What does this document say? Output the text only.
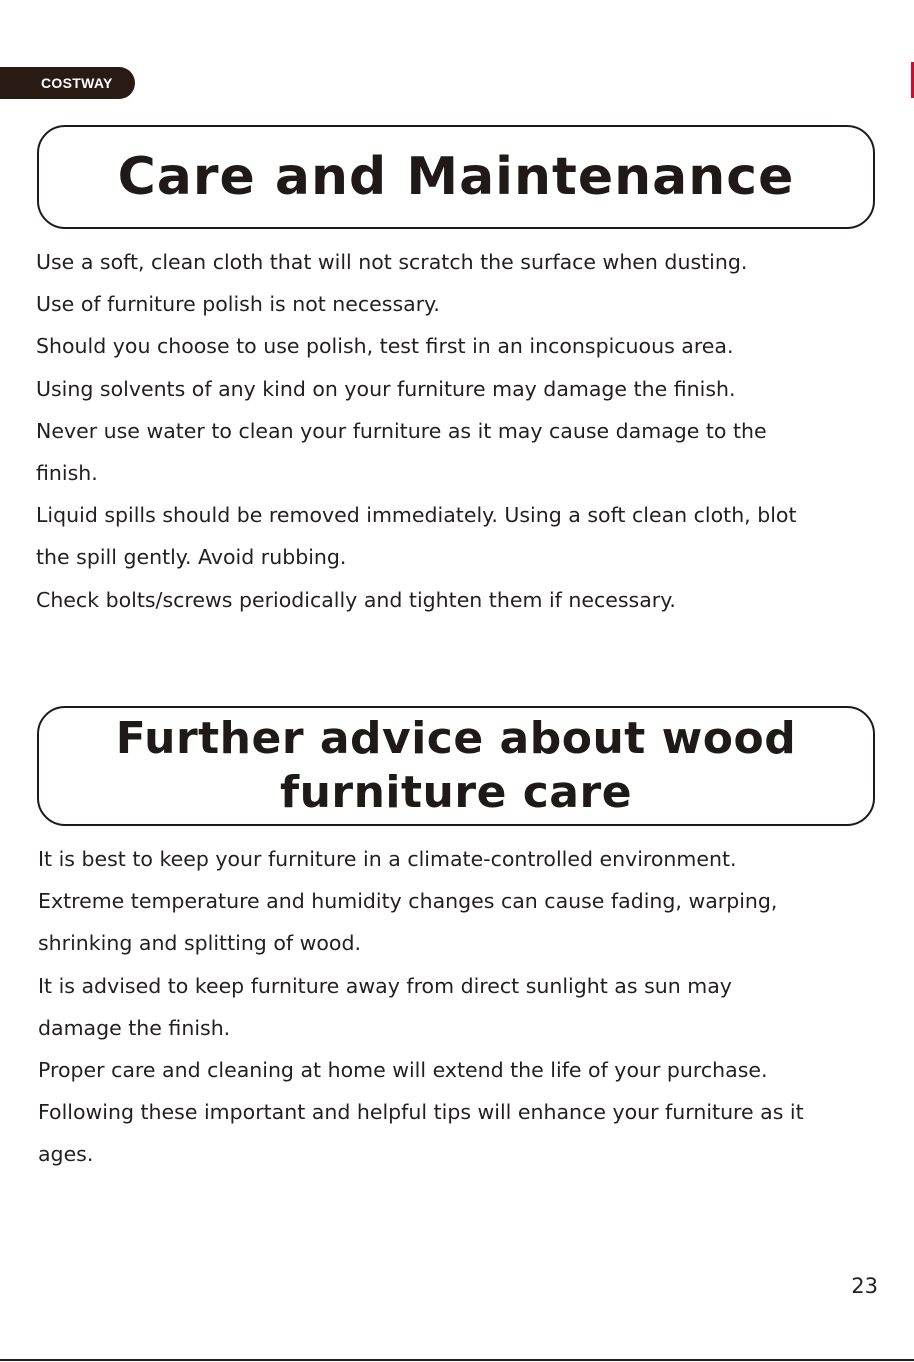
COSTWAY
Care and Maintenance

Use a soft, clean cloth that will not scratch the surface when dusting.

Use of furniture polish is not necessary.

Should you choose to use polish, test first in an inconspicuous area.

Using solvents of any kind on your furniture may damage the finish.

Never use water to clean your furniture as it may cause damage to the

finish.

Liquid spills should be removed immediately. Using a soft clean cloth, blot

the spill gently. Avoid rubbing.

Check bolts/screws periodically and tighten them if necessary.

Further advice about wood
furniture care

It is best to keep your furniture in a climate-controlled environment.

Extreme temperature and humidity changes can cause fading, warping,

shrinking and splitting of wood.

It is advised to keep furniture away from direct sunlight as sun may

damage the finish.

Proper care and cleaning at home will extend the life of your purchase.

Following these important and helpful tips will enhance your furniture as it

ages.

23
